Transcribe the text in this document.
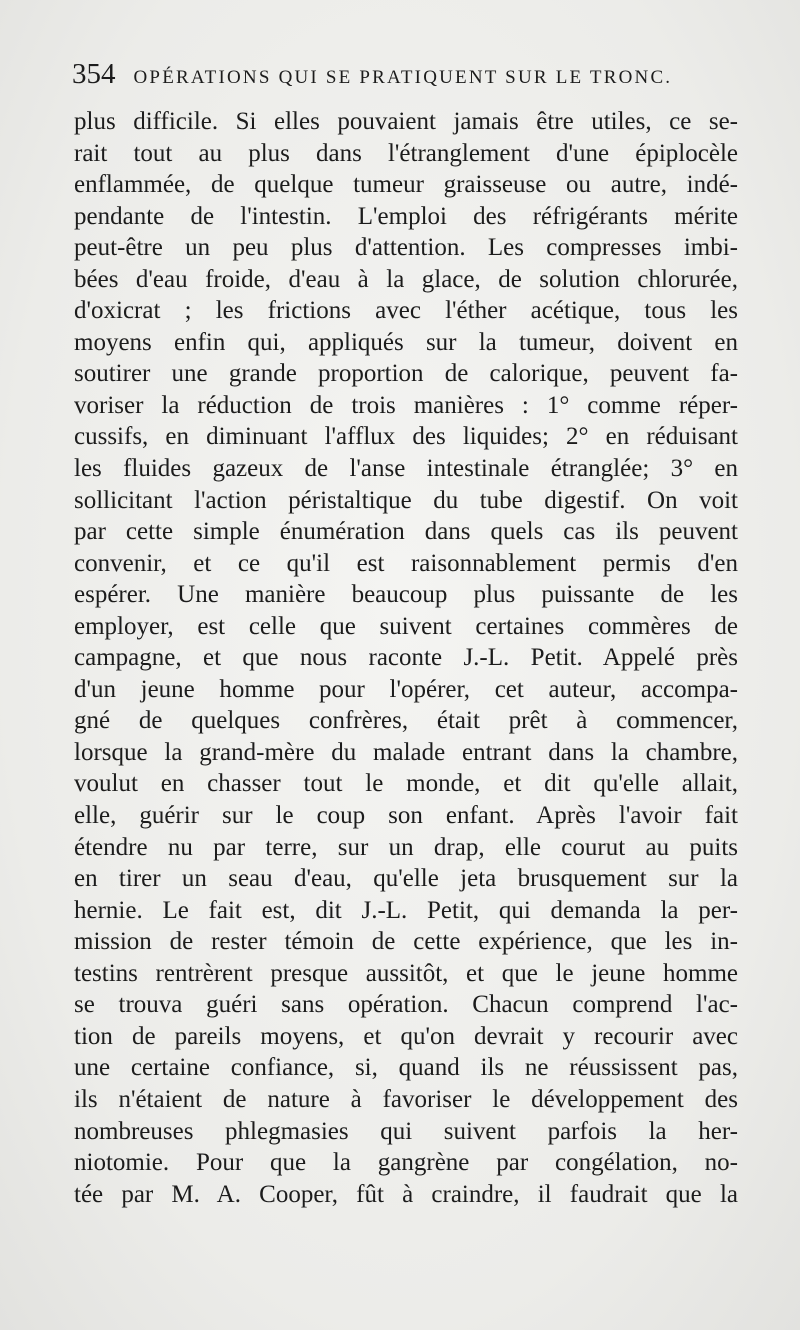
354 OPÉRATIONS QUI SE PRATIQUENT SUR LE TRONC.
plus difficile. Si elles pouvaient jamais être utiles, ce se-
rait tout au plus dans l'étranglement d'une épiplocèle
enflammée, de quelque tumeur graisseuse ou autre, indé-
pendante de l'intestin. L'emploi des réfrigérants mérite
peut-être un peu plus d'attention. Les compresses imbi-
bées d'eau froide, d'eau à la glace, de solution chlorurée,
d'oxicrat ; les frictions avec l'éther acétique, tous les
moyens enfin qui, appliqués sur la tumeur, doivent en
soutirer une grande proportion de calorique, peuvent fa-
voriser la réduction de trois manières : 1° comme réper-
cussifs, en diminuant l'afflux des liquides; 2° en réduisant
les fluides gazeux de l'anse intestinale étranglée; 3° en
sollicitant l'action péristaltique du tube digestif. On voit
par cette simple énumération dans quels cas ils peuvent
convenir, et ce qu'il est raisonnablement permis d'en
espérer. Une manière beaucoup plus puissante de les
employer, est celle que suivent certaines commères de
campagne, et que nous raconte J.-L. Petit. Appelé près
d'un jeune homme pour l'opérer, cet auteur, accompa-
gné de quelques confrères, était prêt à commencer,
lorsque la grand-mère du malade entrant dans la chambre,
voulut en chasser tout le monde, et dit qu'elle allait,
elle, guérir sur le coup son enfant. Après l'avoir fait
étendre nu par terre, sur un drap, elle courut au puits
en tirer un seau d'eau, qu'elle jeta brusquement sur la
hernie. Le fait est, dit J.-L. Petit, qui demanda la per-
mission de rester témoin de cette expérience, que les in-
testins rentrèrent presque aussitôt, et que le jeune homme
se trouva guéri sans opération. Chacun comprend l'ac-
tion de pareils moyens, et qu'on devrait y recourir avec
une certaine confiance, si, quand ils ne réussissent pas,
ils n'étaient de nature à favoriser le développement des
nombreuses phlegmasies qui suivent parfois la her-
niotomie. Pour que la gangrène par congélation, no-
tée par M. A. Cooper, fût à craindre, il faudrait que la
